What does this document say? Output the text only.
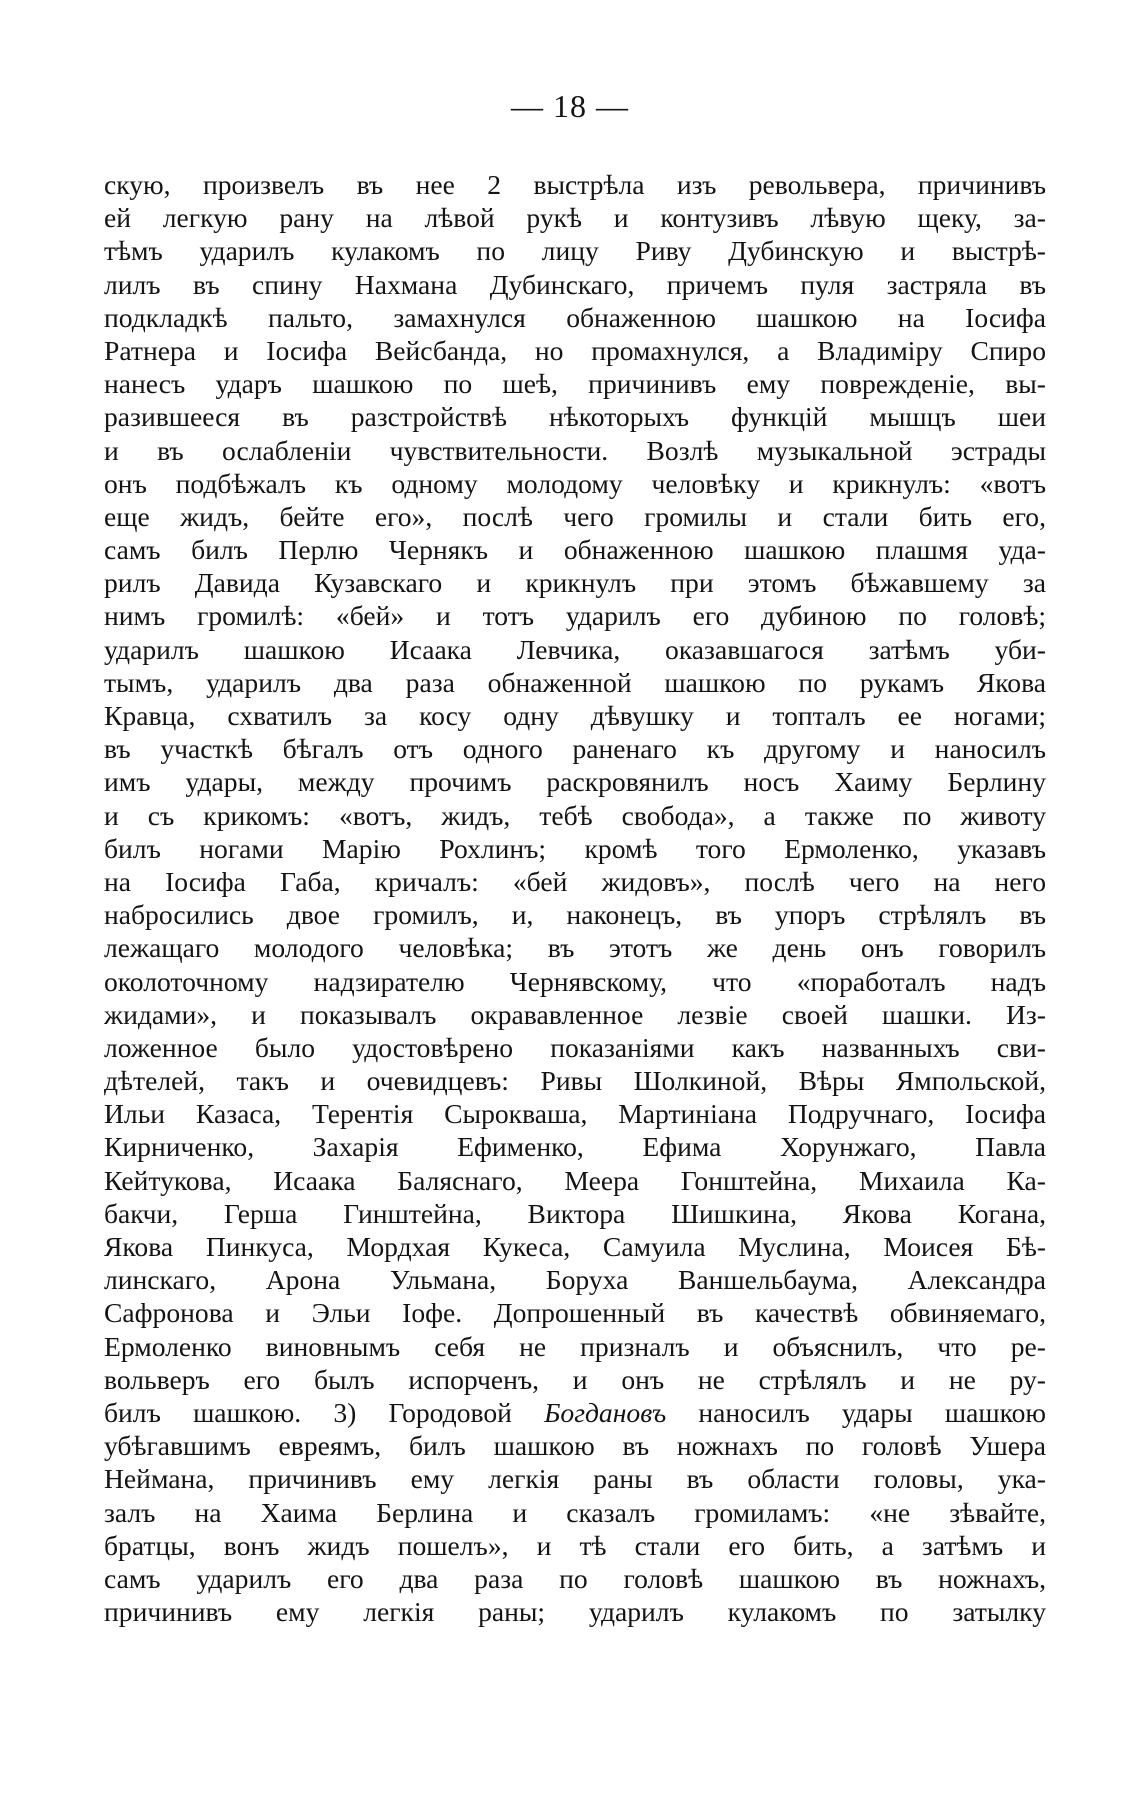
— 18 —
скую, произвелъ въ нее 2 выстрѣла изъ револьвера, причинивъ
ей легкую рану на лѣвой рукѣ и контузивъ лѣвую щеку, за-
тѣмъ ударилъ кулакомъ по лицу Риву Дубинскую и выстрѣ-
лилъ въ спину Нахмана Дубинскаго, причемъ пуля застряла въ
подкладкѣ пальто, замахнулся обнаженною шашкою на Іосифа
Ратнера и Іосифа Вейсбанда, но промахнулся, а Владиміру Спиро
нанесъ ударъ шашкою по шеѣ, причинивъ ему поврежденіе, вы-
разившееся въ разстройствѣ нѣкоторыхъ функцій мышцъ шеи
и въ ослабленіи чувствительности. Возлѣ музыкальной эстрады
онъ подбѣжалъ къ одному молодому человѣку и крикнулъ: «вотъ
еще жидъ, бейте его», послѣ чего громилы и стали бить его,
самъ билъ Перлю Чернякъ и обнаженною шашкою плашмя уда-
рилъ Давида Кузавскаго и крикнулъ при этомъ бѣжавшему за
нимъ громилѣ: «бей» и тотъ ударилъ его дубиною по головѣ;
ударилъ шашкою Исаака Левчика, оказавшагося затѣмъ уби-
тымъ, ударилъ два раза обнаженной шашкою по рукамъ Якова
Кравца, схватилъ за косу одну дѣвушку и топталъ ее ногами;
въ участкѣ бѣгалъ отъ одного раненаго къ другому и наносилъ
имъ удары, между прочимъ раскровянилъ носъ Хаиму Берлину
и съ крикомъ: «вотъ, жидъ, тебѣ свобода», а также по животу
билъ ногами Марію Рохлинъ; кромѣ того Ермоленко, указавъ
на Іосифа Габа, кричалъ: «бей жидовъ», послѣ чего на него
набросились двое громилъ, и, наконецъ, въ упоръ стрѣлялъ въ
лежащаго молодого человѣка; въ этотъ же день онъ говорилъ
околоточному надзирателю Чернявскому, что «поработалъ надъ
жидами», и показывалъ окрававленное лезвіе своей шашки. Из-
ложенное было удостовѣрено показаніями какъ названныхъ сви-
дѣтелей, такъ и очевидцевъ: Ривы Шолкиной, Вѣры Ямпольской,
Ильи Казаса, Терентія Сырокваша, Мартиніана Подручнаго, Іосифа
Кирниченко, Захарія Ефименко, Ефима Хорунжаго, Павла
Кейтукова, Исаака Баляснаго, Меера Гонштейна, Михаила Ка-
бакчи, Герша Гинштейна, Виктора Шишкина, Якова Когана,
Якова Пинкуса, Мордхая Кукеса, Самуила Муслина, Моисея Бѣ-
линскаго, Арона Ульмана, Боруха Ваншельбаума, Александра
Сафронова и Эльи Іофе. Допрошенный въ качествѣ обвиняемаго,
Ермоленко виновнымъ себя не призналъ и объяснилъ, что ре-
вольверъ его былъ испорченъ, и онъ не стрѣлялъ и не ру-
билъ шашкою. 3) Городовой Богдановъ наносилъ удары шашкою
убѣгавшимъ евреямъ, билъ шашкою въ ножнахъ по головѣ Ушера
Неймана, причинивъ ему легкія раны въ области головы, ука-
залъ на Хаима Берлина и сказалъ громиламъ: «не зѣвайте,
братцы, вонъ жидъ пошелъ», и тѣ стали его бить, а затѣмъ и
самъ ударилъ его два раза по головѣ шашкою въ ножнахъ,
причинивъ ему легкія раны; ударилъ кулакомъ по затылку
